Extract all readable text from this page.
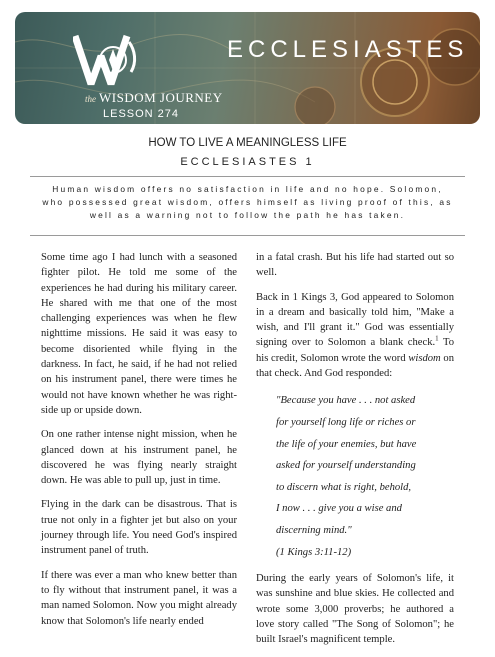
the WISDOM JOURNEY
LESSON 274
ECCLESIASTES
HOW TO LIVE A MEANINGLESS LIFE
ECCLESIASTES 1
Human wisdom offers no satisfaction in life and no hope. Solomon, who possessed great wisdom, offers himself as living proof of this, as well as a warning not to follow the path he has taken.

Some time ago I had lunch with a seasoned fighter pilot. He told me some of the experiences he had during his military career. He shared with me that one of the most challenging experiences was when he flew nighttime missions. He said it was easy to become disoriented while flying in the darkness. In fact, he said, if he had not relied on his instrument panel, there were times he would not have known whether he was right-side up or upside down.

On one rather intense night mission, when he glanced down at his instrument panel, he discovered he was flying nearly straight down. He was able to pull up, just in time.

Flying in the dark can be disastrous. That is true not only in a fighter jet but also on your journey through life. You need God's inspired instrument panel of truth.

If there was ever a man who knew better than to fly without that instrument panel, it was a man named Solomon. Now you might already know that Solomon's life nearly ended

in a fatal crash. But his life had started out so well.

Back in 1 Kings 3, God appeared to Solomon in a dream and basically told him, "Make a wish, and I'll grant it." God was essentially signing over to Solomon a blank check.$^1$ To his credit, Solomon wrote the word wisdom on that check. And God responded:

"Because you have . . . not asked
for yourself long life or riches or
the life of your enemies, but have
asked for yourself understanding
to discern what is right, behold,
I now . . . give you a wise and
discerning mind."
(1 Kings 3:11-12)

During the early years of Solomon's life, it was sunshine and blue skies. He collected and wrote some 3,000 proverbs; he authored a love story called "The Song of Solomon"; he built Israel's magnificent temple.
